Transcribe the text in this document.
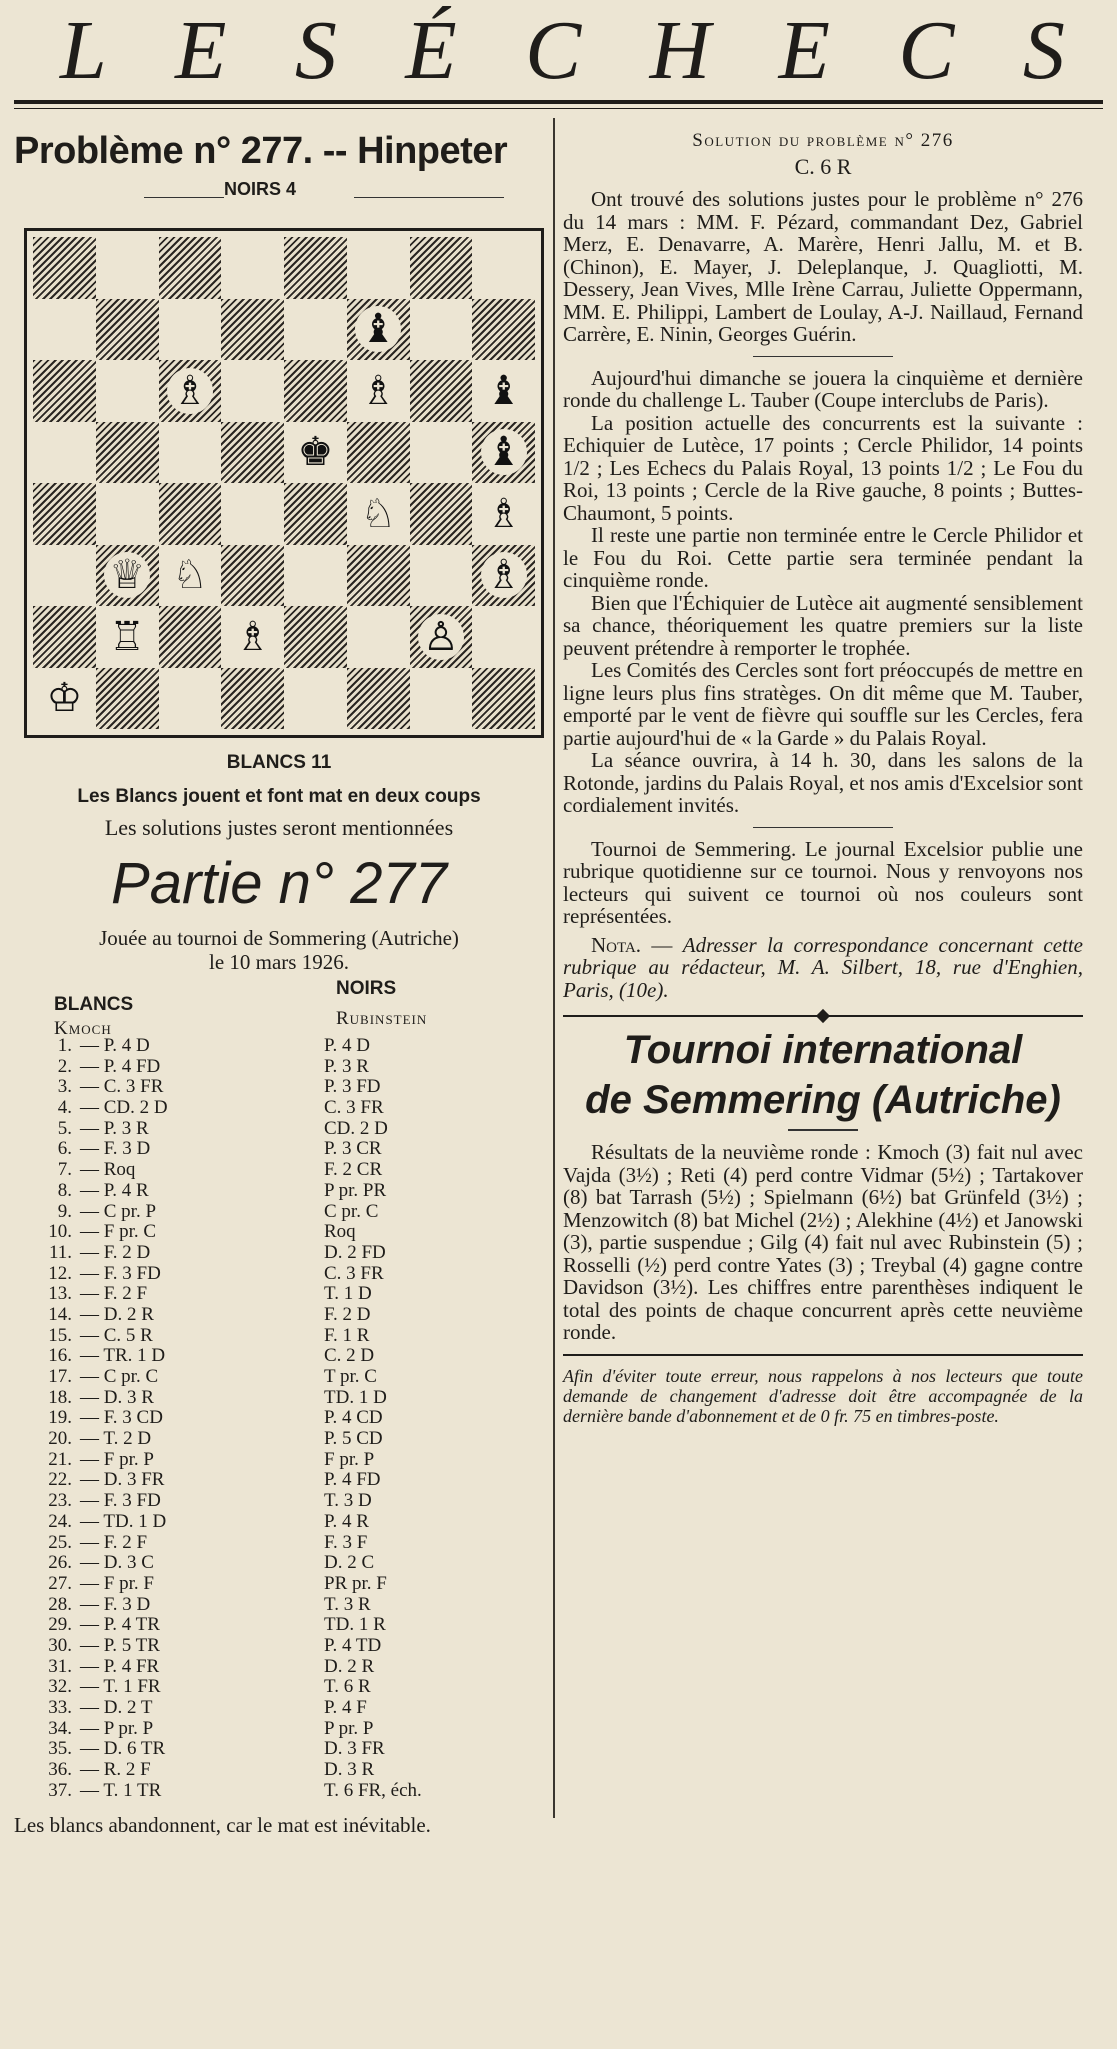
L E S É C H E C S
Problème n° 277. -- Hinpeter
NOIRS 4
♝
♗	♗ ♝
♚	♝
♘ ♗
♕ ♘	♗
♖ ♗	♙
♔
BLANCS 11
Les Blancs jouent et font mat en deux coups
Les solutions justes seront mentionnées
Partie n° 277
Jouée au tournoi de Sommering (Autriche)
le 10 mars 1926.
BLANCS
NOIRS
Kmoch	Rubinstein
1. — P. 4 D	P. 4 D
2. — P. 4 FD	P. 3 R
3. — C. 3 FR	P. 3 FD
4. — CD. 2 D	C. 3 FR
5. — P. 3 R	CD. 2 D
6. — F. 3 D	P. 3 CR
7. — Roq	F. 2 CR
8. — P. 4 R	P pr. PR
9. — C pr. P	C pr. C
10. — F pr. C	Roq
11. — F. 2 D	D. 2 FD
12. — F. 3 FD	C. 3 FR
13. — F. 2 F	T. 1 D
14. — D. 2 R	F. 2 D
15. — C. 5 R	F. 1 R
16. — TR. 1 D	C. 2 D
17. — C pr. C	T pr. C
18. — D. 3 R	TD. 1 D
19. — F. 3 CD	P. 4 CD
20. — T. 2 D	P. 5 CD
21. — F pr. P	F pr. P
22. — D. 3 FR	P. 4 FD
23. — F. 3 FD	T. 3 D
24. — TD. 1 D	P. 4 R
25. — F. 2 F	F. 3 F
26. — D. 3 C	D. 2 C
27. — F pr. F	PR pr. F
28. — F. 3 D	T. 3 R
29. — P. 4 TR	TD. 1 R
30. — P. 5 TR	P. 4 TD
31. — P. 4 FR	D. 2 R
32. — T. 1 FR	T. 6 R
33. — D. 2 T	P. 4 F
34. — P pr. P	P pr. P
35. — D. 6 TR	D. 3 FR
36. — R. 2 F	D. 3 R
37. — T. 1 TR	T. 6 FR, éch.
Les blancs abandonnent, car le mat est inévitable.
Solution du problème n° 276
C. 6 R

Ont trouvé des solutions justes pour le problème n° 276 du 14 mars : MM. F. Pézard, commandant Dez, Gabriel Merz, E. Denavarre, A. Marère, Henri Jallu, M. et B. (Chinon), E. Mayer, J. Deleplanque, J. Quagliotti, M. Dessery, Jean Vives, Mlle Irène Carrau, Juliette Oppermann, MM. E. Philippi, Lambert de Loulay, A-J. Naillaud, Fernand Carrère, E. Ninin, Georges Guérin.

Aujourd'hui dimanche se jouera la cinquième et dernière ronde du challenge L. Tauber (Coupe interclubs de Paris).

La position actuelle des concurrents est la suivante : Echiquier de Lutèce, 17 points ; Cercle Philidor, 14 points 1/2 ; Les Echecs du Palais Royal, 13 points 1/2 ; Le Fou du Roi, 13 points ; Cercle de la Rive gauche, 8 points ; Buttes-Chaumont, 5 points.

Il reste une partie non terminée entre le Cercle Philidor et le Fou du Roi. Cette partie sera terminée pendant la cinquième ronde.

Bien que l'Échiquier de Lutèce ait augmenté sensiblement sa chance, théoriquement les quatre premiers sur la liste peuvent prétendre à remporter le trophée.

Les Comités des Cercles sont fort préoccupés de mettre en ligne leurs plus fins stratèges. On dit même que M. Tauber, emporté par le vent de fièvre qui souffle sur les Cercles, fera partie aujourd'hui de « la Garde » du Palais Royal.

La séance ouvrira, à 14 h. 30, dans les salons de la Rotonde, jardins du Palais Royal, et nos amis d'Excelsior sont cordialement invités.

Tournoi de Semmering. Le journal Excelsior publie une rubrique quotidienne sur ce tournoi. Nous y renvoyons nos lecteurs qui suivent ce tournoi où nos couleurs sont représentées.

Nota. — Adresser la correspondance concernant cette rubrique au rédacteur, M. A. Silbert, 18, rue d'Enghien, Paris, (10e).

Tournoi international
de Semmering (Autriche)

Résultats de la neuvième ronde : Kmoch (3) fait nul avec Vajda (3½) ; Reti (4) perd contre Vidmar (5½) ; Tartakover (8) bat Tarrash (5½) ; Spielmann (6½) bat Grünfeld (3½) ; Menzowitch (8) bat Michel (2½) ; Alekhine (4½) et Janowski (3), partie suspendue ; Gilg (4) fait nul avec Rubinstein (5) ; Rosselli (½) perd contre Yates (3) ; Treybal (4) gagne contre Davidson (3½). Les chiffres entre parenthèses indiquent le total des points de chaque concurrent après cette neuvième ronde.

Afin d'éviter toute erreur, nous rappelons à nos lecteurs que toute demande de changement d'adresse doit être accompagnée de la dernière bande d'abonnement et de 0 fr. 75 en timbres-poste.
